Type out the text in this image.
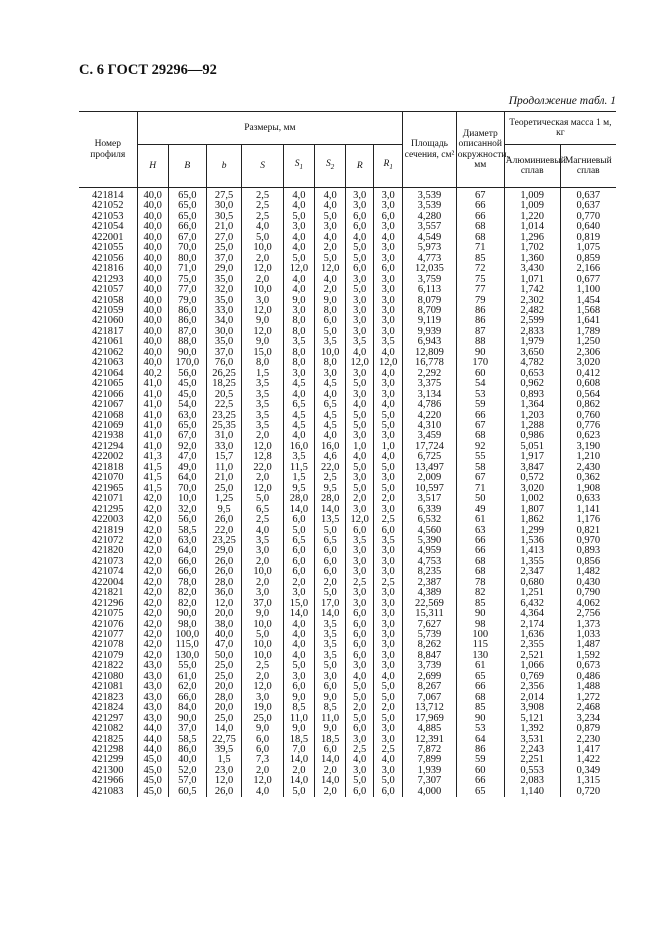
С. 6 ГОСТ 29296—92
Продолжение табл. 1
Номер профиля	Размеры, мм								Площадь сечения, см²	Диаметр описанной окружности, мм	Теоретическая масса 1 м, кг	
	H	B	b	S	$S_1$	$S_2$	R	$R_1$			Алюминиевый сплав	Магниевый сплав
421814	40,0	65,0	27,5	2,5	4,0	4,0	3,0	3,0	3,539	67	1,009	0,637
421052	40,0	65,0	30,0	2,5	4,0	4,0	3,0	3,0	3,539	66	1,009	0,637
421053	40,0	65,0	30,5	2,5	5,0	5,0	6,0	6,0	4,280	66	1,220	0,770
421054	40,0	66,0	21,0	4,0	3,0	3,0	6,0	3,0	3,557	68	1,014	0,640
422001	40,0	67,0	27,0	5,0	4,0	4,0	4,0	4,0	4,549	68	1,296	0,819
421055	40,0	70,0	25,0	10,0	4,0	2,0	5,0	3,0	5,973	71	1,702	1,075
421056	40,0	80,0	37,0	2,0	5,0	5,0	5,0	3,0	4,773	85	1,360	0,859
421816	40,0	71,0	29,0	12,0	12,0	12,0	6,0	6,0	12,035	72	3,430	2,166
421293	40,0	75,0	35,0	2,0	4,0	4,0	3,0	3,0	3,759	75	1,071	0,677
421057	40,0	77,0	32,0	10,0	4,0	2,0	5,0	3,0	6,113	77	1,742	1,100
421058	40,0	79,0	35,0	3,0	9,0	9,0	3,0	3,0	8,079	79	2,302	1,454
421059	40,0	86,0	33,0	12,0	3,0	8,0	3,0	3,0	8,709	86	2,482	1,568
421060	40,0	86,0	34,0	9,0	8,0	6,0	3,0	3,0	9,119	86	2,599	1,641
421817	40,0	87,0	30,0	12,0	8,0	5,0	3,0	3,0	9,939	87	2,833	1,789
421061	40,0	88,0	35,0	9,0	3,5	3,5	3,5	3,5	6,943	88	1,979	1,250
421062	40,0	90,0	37,0	15,0	8,0	10,0	4,0	4,0	12,809	90	3,650	2,306
421063	40,0	170,0	76,0	8,0	8,0	8,0	12,0	12,0	16,778	170	4,782	3,020
421064	40,2	56,0	26,25	1,5	3,0	3,0	3,0	4,0	2,292	60	0,653	0,412
421065	41,0	45,0	18,25	3,5	4,5	4,5	5,0	3,0	3,375	54	0,962	0,608
421066	41,0	45,0	20,5	3,5	4,0	4,0	3,0	3,0	3,134	53	0,893	0,564
421067	41,0	54,0	22,5	3,5	6,5	6,5	4,0	4,0	4,786	59	1,364	0,862
421068	41,0	63,0	23,25	3,5	4,5	4,5	5,0	5,0	4,220	66	1,203	0,760
421069	41,0	65,0	25,35	3,5	4,5	4,5	5,0	5,0	4,310	67	1,288	0,776
421938	41,0	67,0	31,0	2,0	4,0	4,0	3,0	3,0	3,459	68	0,986	0,623
421294	41,0	92,0	33,0	12,0	16,0	16,0	1,0	1,0	17,724	92	5,051	3,190
422002	41,3	47,0	15,7	12,8	3,5	4,6	4,0	4,0	6,725	55	1,917	1,210
421818	41,5	49,0	11,0	22,0	11,5	22,0	5,0	5,0	13,497	58	3,847	2,430
421070	41,5	64,0	21,0	2,0	1,5	2,5	3,0	3,0	2,009	67	0,572	0,362
421965	41,5	70,0	25,0	12,0	9,5	9,5	5,0	5,0	10,597	71	3,020	1,908
421071	42,0	10,0	1,25	5,0	28,0	28,0	2,0	2,0	3,517	50	1,002	0,633
421295	42,0	32,0	9,5	6,5	14,0	14,0	3,0	3,0	6,339	49	1,807	1,141
422003	42,0	56,0	26,0	2,5	6,0	13,5	12,0	2,5	6,532	61	1,862	1,176
421819	42,0	58,5	22,0	4,0	5,0	5,0	6,0	6,0	4,560	63	1,299	0,821
421072	42,0	63,0	23,25	3,5	6,5	6,5	3,5	3,5	5,390	66	1,536	0,970
421820	42,0	64,0	29,0	3,0	6,0	6,0	3,0	3,0	4,959	66	1,413	0,893
421073	42,0	66,0	26,0	2,0	6,0	6,0	3,0	3,0	4,753	68	1,355	0,856
421074	42,0	66,0	26,0	10,0	6,0	6,0	3,0	3,0	8,235	68	2,347	1,482
422004	42,0	78,0	28,0	2,0	2,0	2,0	2,5	2,5	2,387	78	0,680	0,430
421821	42,0	82,0	36,0	3,0	3,0	5,0	3,0	3,0	4,389	82	1,251	0,790
421296	42,0	82,0	12,0	37,0	15,0	17,0	3,0	3,0	22,569	85	6,432	4,062
421075	42,0	90,0	20,0	9,0	14,0	14,0	6,0	3,0	15,311	90	4,364	2,756
421076	42,0	98,0	38,0	10,0	4,0	3,5	6,0	3,0	7,627	98	2,174	1,373
421077	42,0	100,0	40,0	5,0	4,0	3,5	6,0	3,0	5,739	100	1,636	1,033
421078	42,0	115,0	47,0	10,0	4,0	3,5	6,0	3,0	8,262	115	2,355	1,487
421079	42,0	130,0	50,0	10,0	4,0	3,5	6,0	3,0	8,847	130	2,521	1,592
421822	43,0	55,0	25,0	2,5	5,0	5,0	3,0	3,0	3,739	61	1,066	0,673
421080	43,0	61,0	25,0	2,0	3,0	3,0	4,0	4,0	2,699	65	0,769	0,486
421081	43,0	62,0	20,0	12,0	6,0	6,0	5,0	5,0	8,267	66	2,356	1,488
421823	43,0	66,0	28,0	3,0	9,0	9,0	5,0	5,0	7,067	68	2,014	1,272
421824	43,0	84,0	20,0	19,0	8,5	8,5	2,0	2,0	13,712	85	3,908	2,468
421297	43,0	90,0	25,0	25,0	11,0	11,0	5,0	5,0	17,969	90	5,121	3,234
421082	44,0	37,0	14,0	9,0	9,0	9,0	6,0	3,0	4,885	53	1,392	0,879
421825	44,0	58,5	22,75	6,0	18,5	18,5	3,0	3,0	12,391	64	3,531	2,230
421298	44,0	86,0	39,5	6,0	7,0	6,0	2,5	2,5	7,872	86	2,243	1,417
421299	45,0	40,0	1,5	7,3	14,0	14,0	4,0	4,0	7,899	59	2,251	1,422
421300	45,0	52,0	23,0	2,0	2,0	2,0	3,0	3,0	1,939	60	0,553	0,349
421966	45,0	57,0	12,0	12,0	14,0	14,0	5,0	5,0	7,307	66	2,083	1,315
421083	45,0	60,5	26,0	4,0	5,0	2,0	6,0	6,0	4,000	65	1,140	0,720
